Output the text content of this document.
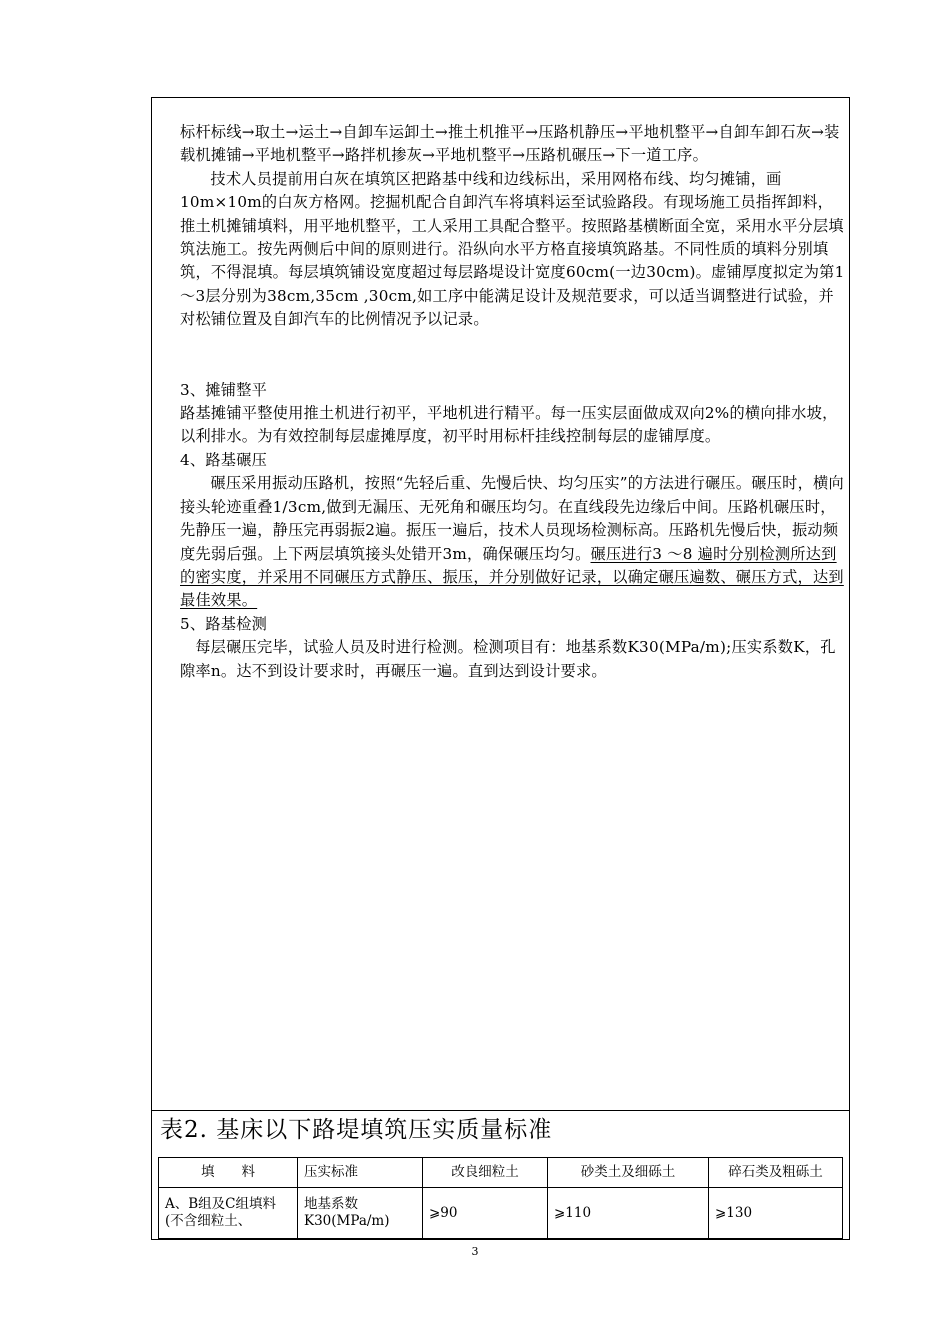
标杆标线→取土→运土→自卸车运卸土→推土机推平→压路机静压→平地机整平→自卸车卸石灰→装载机摊铺→平地机整平→路拌机掺灰→平地机整平→压路机碾压→下一道工序。

技术人员提前用白灰在填筑区把路基中线和边线标出，采用网格布线、均匀摊铺，画10m×10m的白灰方格网。挖掘机配合自卸汽车将填料运至试验路段。有现场施工员指挥卸料，推土机摊铺填料，用平地机整平，工人采用工具配合整平。按照路基横断面全宽，采用水平分层填筑法施工。按先两侧后中间的原则进行。沿纵向水平方格直接填筑路基。不同性质的填料分别填筑，不得混填。每层填筑铺设宽度超过每层路堤设计宽度60cm(一边30cm)。虚铺厚度拟定为第1～3层分别为38cm,35cm ,30cm,如工序中能满足设计及规范要求，可以适当调整进行试验，并对松铺位置及自卸汽车的比例情况予以记录。

3、摊铺整平

路基摊铺平整使用推土机进行初平，平地机进行精平。每一压实层面做成双向2%的横向排水坡，以利排水。为有效控制每层虚摊厚度，初平时用标杆挂线控制每层的虚铺厚度。

4、路基碾压

碾压采用振动压路机，按照“先轻后重、先慢后快、均匀压实”的方法进行碾压。碾压时，横向接头轮迹重叠1/3cm,做到无漏压、无死角和碾压均匀。在直线段先边缘后中间。压路机碾压时，先静压一遍，静压完再弱振2遍。振压一遍后，技术人员现场检测标高。压路机先慢后快，振动频度先弱后强。上下两层填筑接头处错开3m，确保碾压均匀。碾压进行3 ～8 遍时分别检测所达到的密实度，并采用不同碾压方式静压、振压，并分别做好记录，以确定碾压遍数、碾压方式，达到最佳效果。

5、路基检测

每层碾压完毕，试验人员及时进行检测。检测项目有：地基系数K30(MPa/m);压实系数K，孔隙率n。达不到设计要求时，再碾压一遍。直到达到设计要求。

表2. 基床以下路堤填筑压实质量标准
填　　料	压实标准	改良细粒土	砂类土及细砾土	碎石类及粗砾土
A、B组及C组填料(不含细粒土、	地基系数K30(MPa/m)	⩾90	⩾110	⩾130
3
